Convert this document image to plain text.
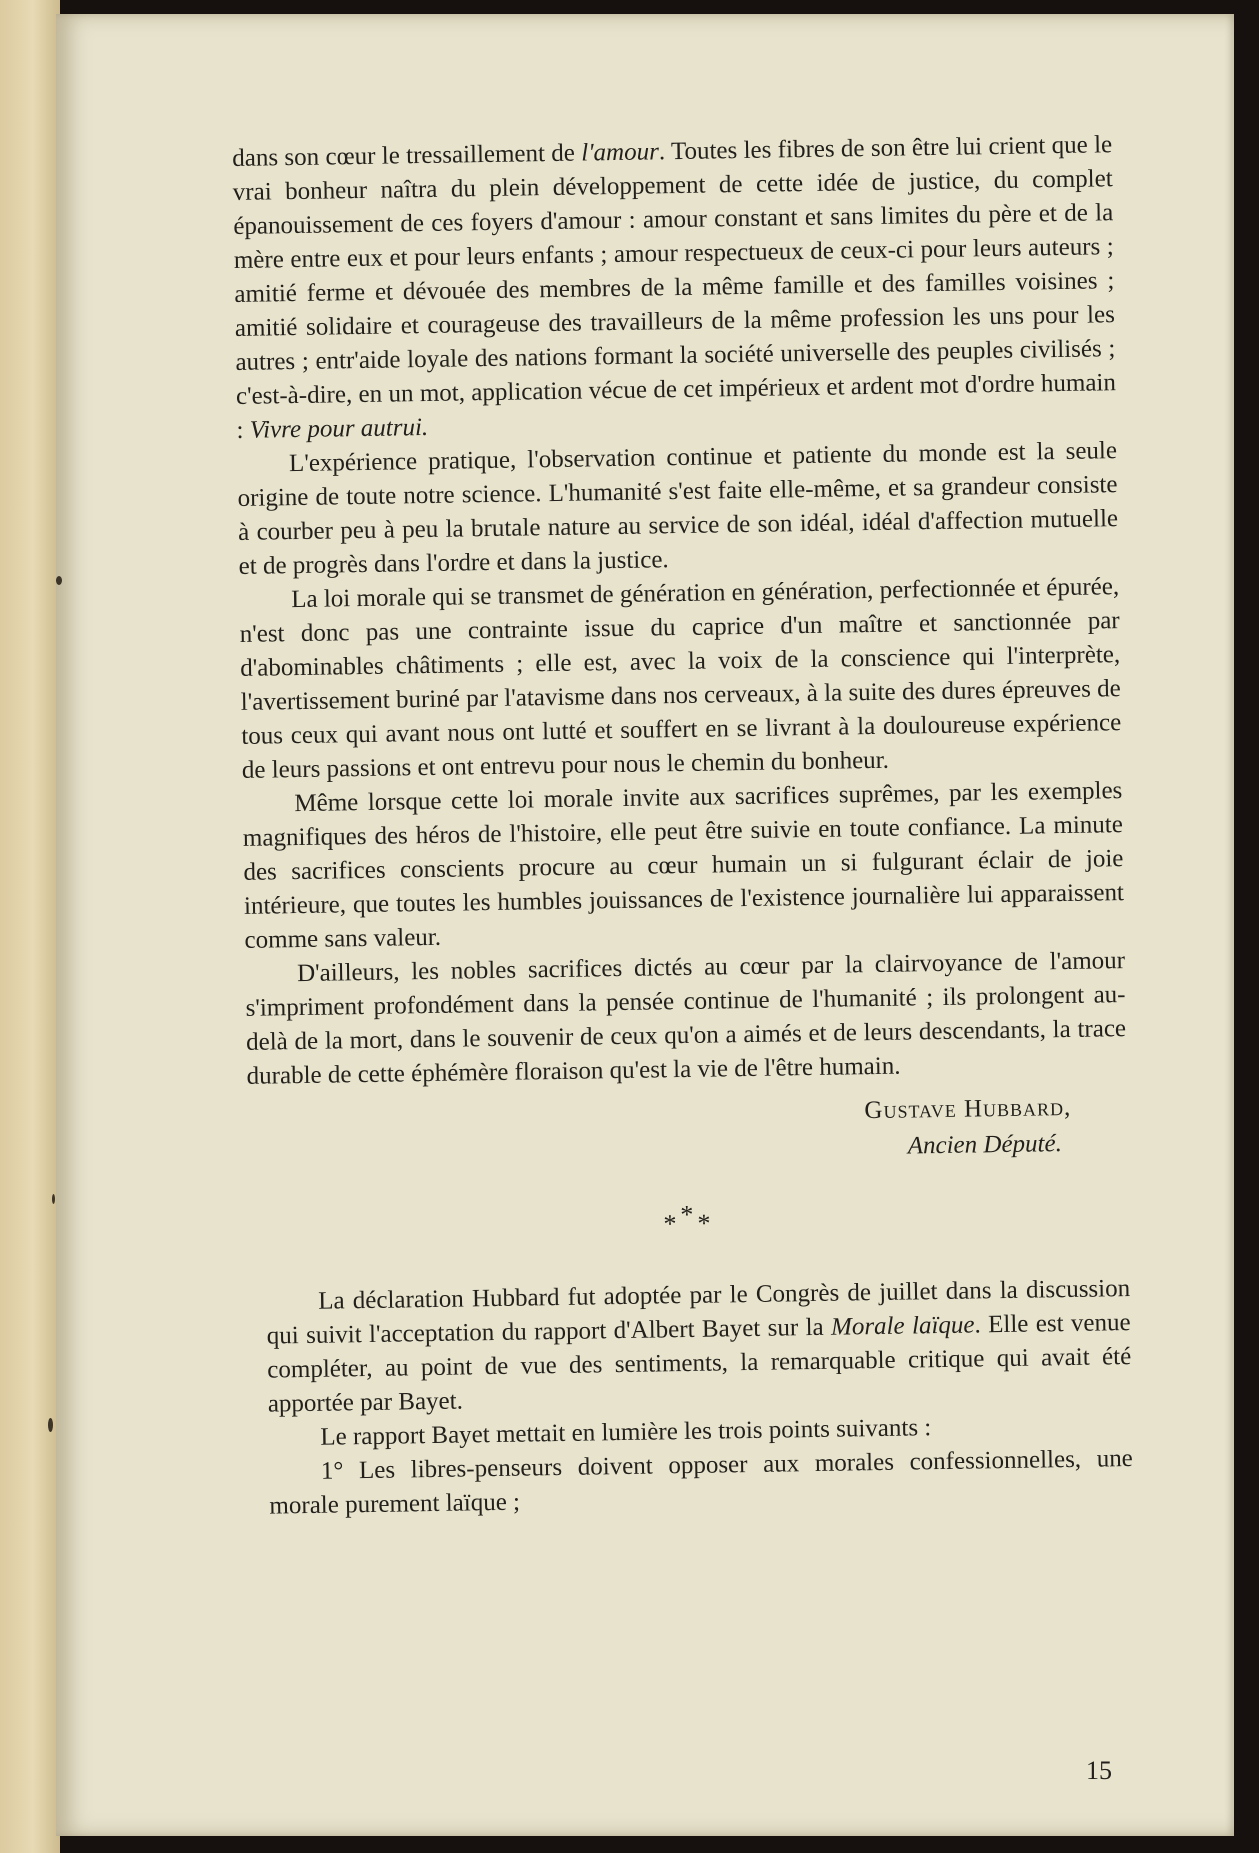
dans son cœur le tressaillement de l'amour. Toutes les fibres de son être lui crient que le vrai bonheur naîtra du plein développement de cette idée de justice, du complet épanouissement de ces foyers d'amour : amour constant et sans limites du père et de la mère entre eux et pour leurs enfants ; amour respectueux de ceux-ci pour leurs auteurs ; amitié ferme et dévouée des membres de la même famille et des familles voisines ; amitié solidaire et courageuse des travailleurs de la même profession les uns pour les autres ; entr'aide loyale des nations formant la société universelle des peuples civilisés ; c'est-à-dire, en un mot, application vécue de cet impérieux et ardent mot d'ordre humain : Vivre pour autrui.

L'expérience pratique, l'observation continue et patiente du monde est la seule origine de toute notre science. L'humanité s'est faite elle-même, et sa grandeur consiste à courber peu à peu la brutale nature au service de son idéal, idéal d'affection mutuelle et de progrès dans l'ordre et dans la justice.

La loi morale qui se transmet de génération en génération, perfectionnée et épurée, n'est donc pas une contrainte issue du caprice d'un maître et sanctionnée par d'abominables châtiments ; elle est, avec la voix de la conscience qui l'interprète, l'avertissement buriné par l'atavisme dans nos cerveaux, à la suite des dures épreuves de tous ceux qui avant nous ont lutté et souffert en se livrant à la douloureuse expérience de leurs passions et ont entrevu pour nous le chemin du bonheur.

Même lorsque cette loi morale invite aux sacrifices suprêmes, par les exemples magnifiques des héros de l'histoire, elle peut être suivie en toute confiance. La minute des sacrifices conscients procure au cœur humain un si fulgurant éclair de joie intérieure, que toutes les humbles jouissances de l'existence journalière lui apparaissent comme sans valeur.

D'ailleurs, les nobles sacrifices dictés au cœur par la clairvoyance de l'amour s'impriment profondément dans la pensée continue de l'humanité ; ils prolongent au-delà de la mort, dans le souvenir de ceux qu'on a aimés et de leurs descendants, la trace durable de cette éphémère floraison qu'est la vie de l'être humain.

Gustave Hubbard,
Ancien Député.
***

La déclaration Hubbard fut adoptée par le Congrès de juillet dans la discussion qui suivit l'acceptation du rapport d'Albert Bayet sur la Morale laïque. Elle est venue compléter, au point de vue des sentiments, la remarquable critique qui avait été apportée par Bayet.

Le rapport Bayet mettait en lumière les trois points suivants :

1° Les libres-penseurs doivent opposer aux morales confessionnelles, une morale purement laïque ;

15
